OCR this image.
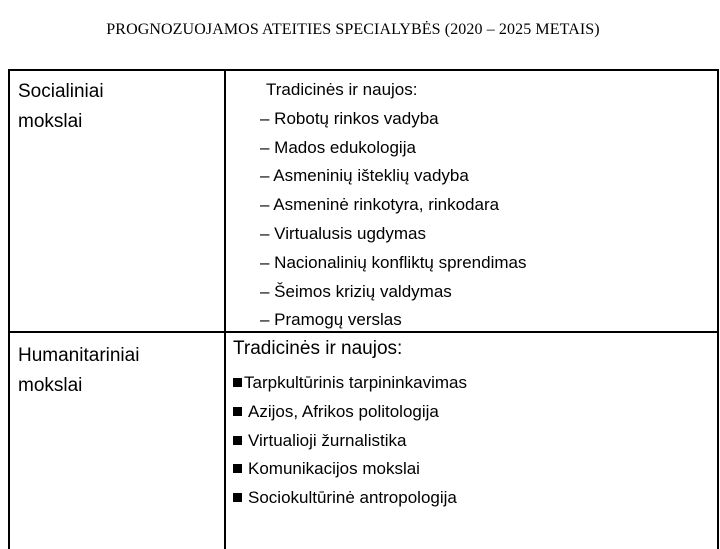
PROGNOZUOJAMOS ATEITIES SPECIALYBĖS (2020 – 2025 METAIS)
Socialiniai
mokslai
Tradicinės ir naujos:
– Robotų rinkos vadyba
– Mados edukologija
– Asmeninių išteklių vadyba
– Asmeninė rinkotyra, rinkodara
– Virtualusis ugdymas
– Nacionalinių konfliktų sprendimas
– Šeimos krizių valdymas
– Pramogų verslas
Humanitariniai
mokslai
Tradicinės ir naujos:
Tarpkultūrinis tarpininkavimas
Azijos, Afrikos politologija
Virtualioji žurnalistika
Komunikacijos mokslai
Sociokultūrinė antropologija
